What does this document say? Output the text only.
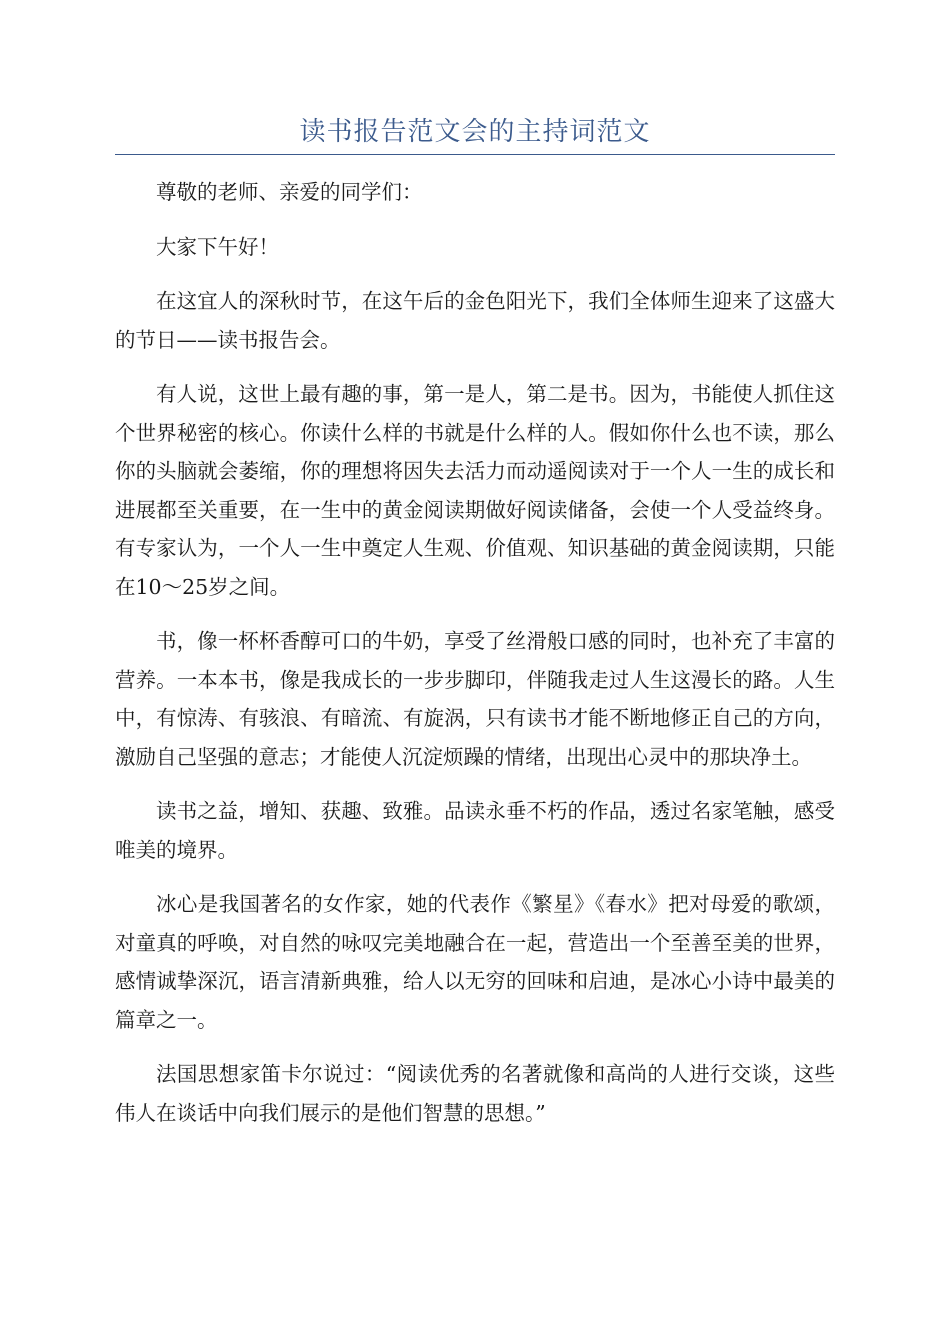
读书报告范文会的主持词范文

尊敬的老师、亲爱的同学们：

大家下午好！

在这宜人的深秋时节，在这午后的金色阳光下，我们全体师生迎来了这盛大的节日——读书报告会。

有人说，这世上最有趣的事，第一是人，第二是书。因为，书能使人抓住这个世界秘密的核心。你读什么样的书就是什么样的人。假如你什么也不读，那么你的头脑就会萎缩，你的理想将因失去活力而动遥阅读对于一个人一生的成长和进展都至关重要，在一生中的黄金阅读期做好阅读储备，会使一个人受益终身。有专家认为，一个人一生中奠定人生观、价值观、知识基础的黄金阅读期，只能在10～25岁之间。

书，像一杯杯香醇可口的牛奶，享受了丝滑般口感的同时，也补充了丰富的营养。一本本书，像是我成长的一步步脚印，伴随我走过人生这漫长的路。人生中，有惊涛、有骇浪、有暗流、有旋涡，只有读书才能不断地修正自己的方向，激励自己坚强的意志；才能使人沉淀烦躁的情绪，出现出心灵中的那块净土。

读书之益，增知、获趣、致雅。品读永垂不朽的作品，透过名家笔触，感受唯美的境界。

冰心是我国著名的女作家，她的代表作《繁星》《春水》把对母爱的歌颂，对童真的呼唤，对自然的咏叹完美地融合在一起，营造出一个至善至美的世界，感情诚挚深沉，语言清新典雅，给人以无穷的回味和启迪，是冰心小诗中最美的篇章之一。

法国思想家笛卡尔说过：“阅读优秀的名著就像和高尚的人进行交谈，这些伟人在谈话中向我们展示的是他们智慧的思想。”
